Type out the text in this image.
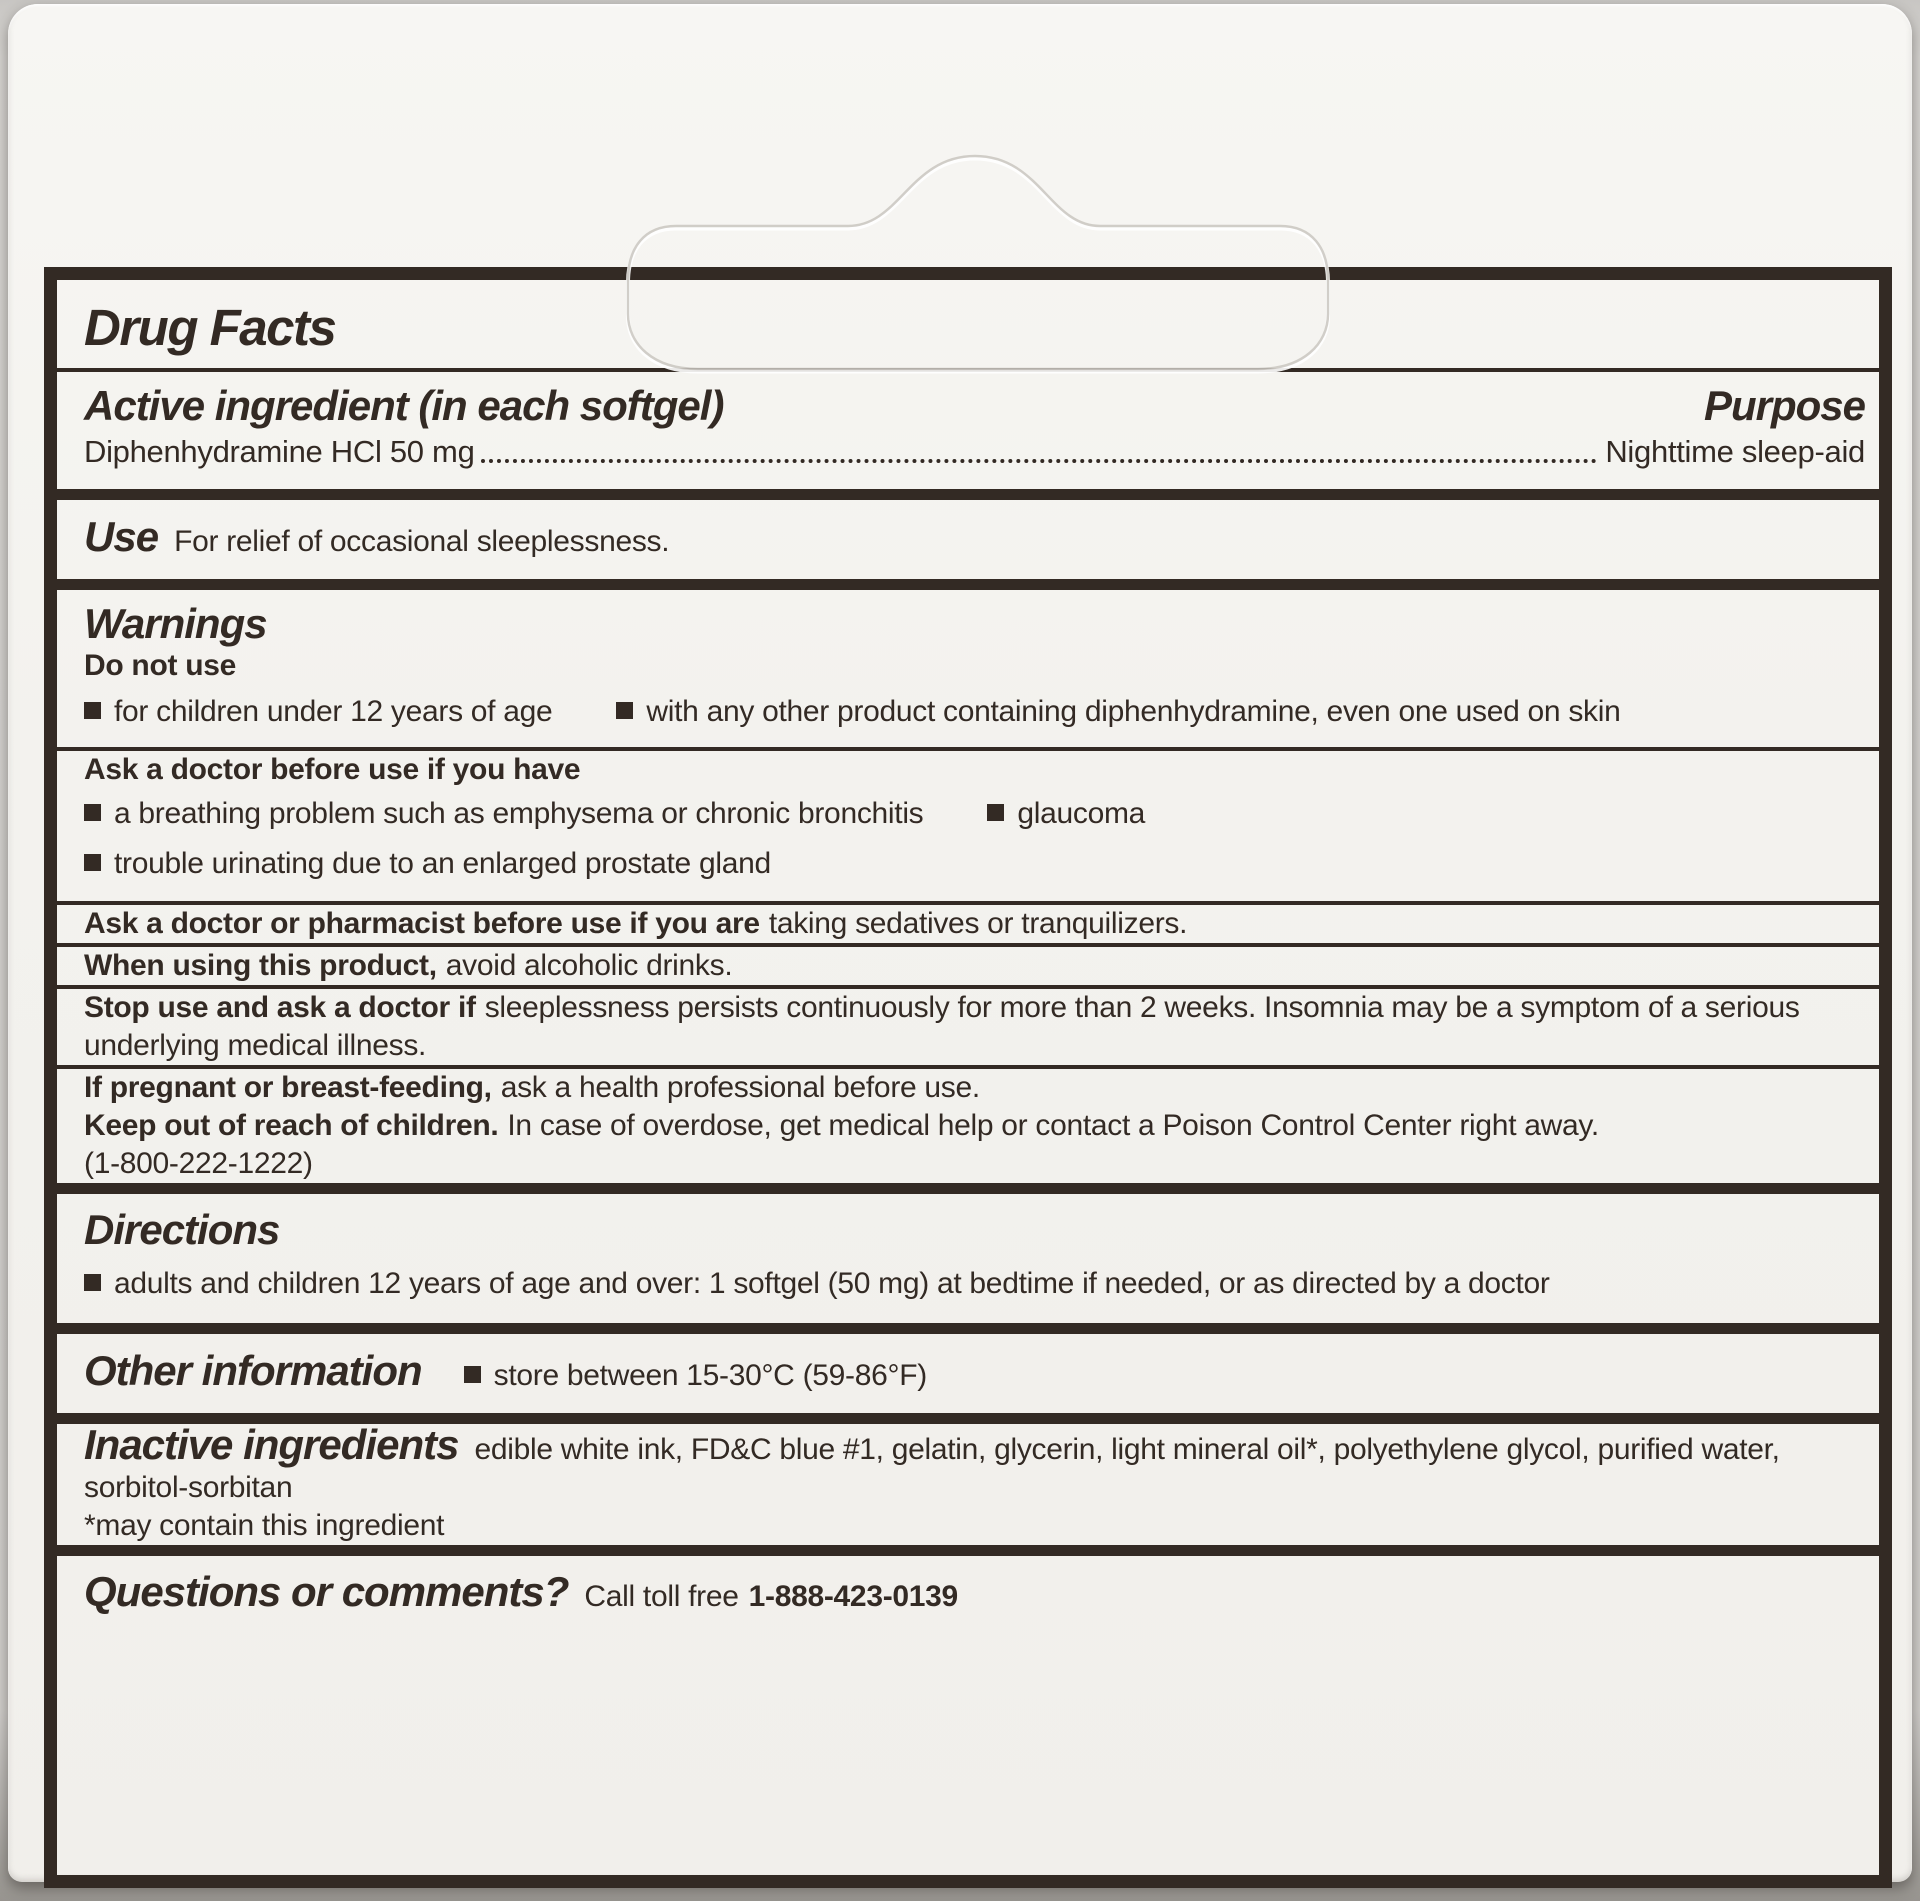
Drug Facts
Active ingredient (in each softgel)	Purpose
Diphenhydramine HCl 50 mg	Nighttime sleep-aid
Use For relief of occasional sleeplessness.
Warnings

Do not use

for children under 12 years of age	with any other product containing diphenhydramine, even one used on skin

Ask a doctor before use if you have

a breathing problem such as emphysema or chronic bronchitis	glaucoma
trouble urinating due to an enlarged prostate gland

Ask a doctor or pharmacist before use if you are taking sedatives or tranquilizers.

When using this product, avoid alcoholic drinks.

Stop use and ask a doctor if sleeplessness persists continuously for more than 2 weeks. Insomnia may be a symptom of a serious underlying medical illness.

If pregnant or breast-feeding, ask a health professional before use.

Keep out of reach of children. In case of overdose, get medical help or contact a Poison Control Center right away.

(1-800-222-1222)

Directions
adults and children 12 years of age and over: 1 softgel (50 mg) at bedtime if needed, or as directed by a doctor
Other information store between 15-30°C (59-86°F)

Inactive ingredients edible white ink, FD&C blue #1, gelatin, glycerin, light mineral oil*, polyethylene glycol, purified water, sorbitol-sorbitan

*may contain this ingredient

Questions or comments? Call toll free 1-888-423-0139
